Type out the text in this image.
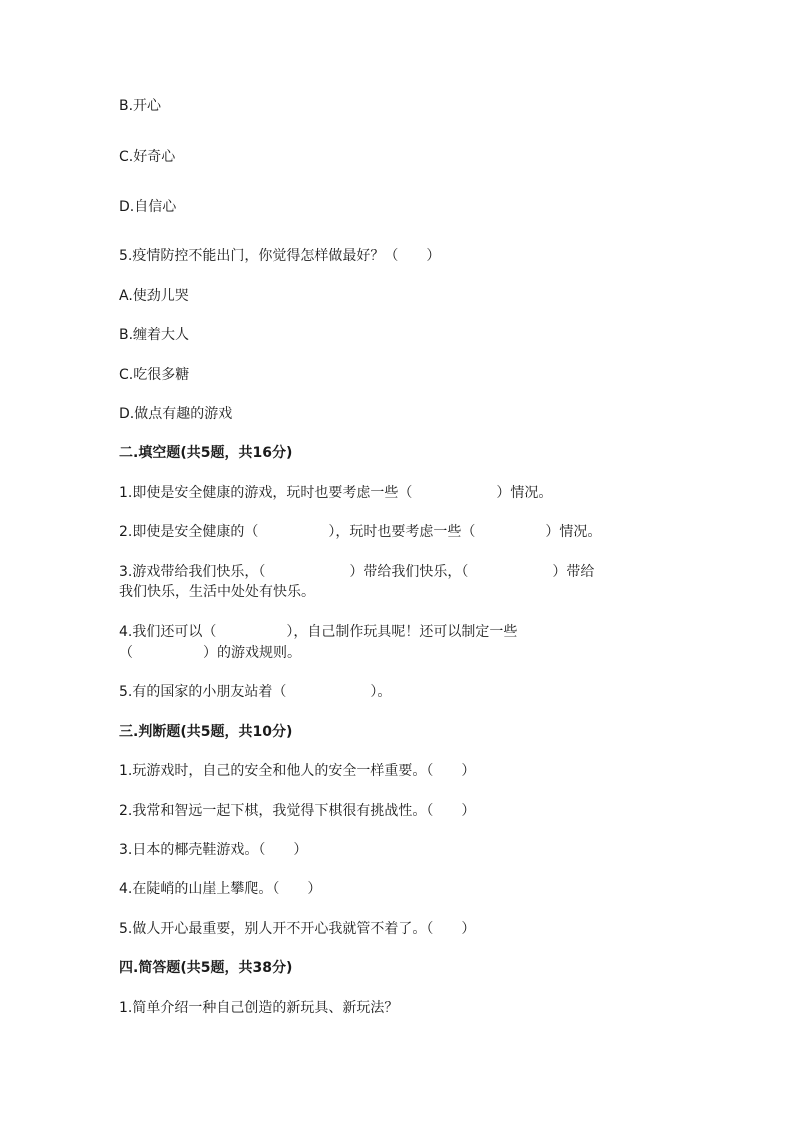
B.开心
C.好奇心
D.自信心
5.疫情防控不能出门，你觉得怎样做最好？（　　）
A.使劲儿哭
B.缠着大人
C.吃很多糖
D.做点有趣的游戏
二.填空题(共5题，共16分)
1.即使是安全健康的游戏，玩时也要考虑一些（　　　　　　）情况。
2.即使是安全健康的（　　　　　），玩时也要考虑一些（　　　　　）情况。
3.游戏带给我们快乐，（　　　　　　）带给我们快乐，（　　　　　　）带给
我们快乐，生活中处处有快乐。
4.我们还可以（　　　　　），自己制作玩具呢！还可以制定一些
（　　　　　）的游戏规则。
5.有的国家的小朋友站着（　　　　　　）。
三.判断题(共5题，共10分)
1.玩游戏时，自己的安全和他人的安全一样重要。（　　）
2.我常和智远一起下棋，我觉得下棋很有挑战性。（　　）
3.日本的椰壳鞋游戏。（　　）
4.在陡峭的山崖上攀爬。（　　）
5.做人开心最重要，别人开不开心我就管不着了。（　　）
四.简答题(共5题，共38分)
1.简单介绍一种自己创造的新玩具、新玩法？
